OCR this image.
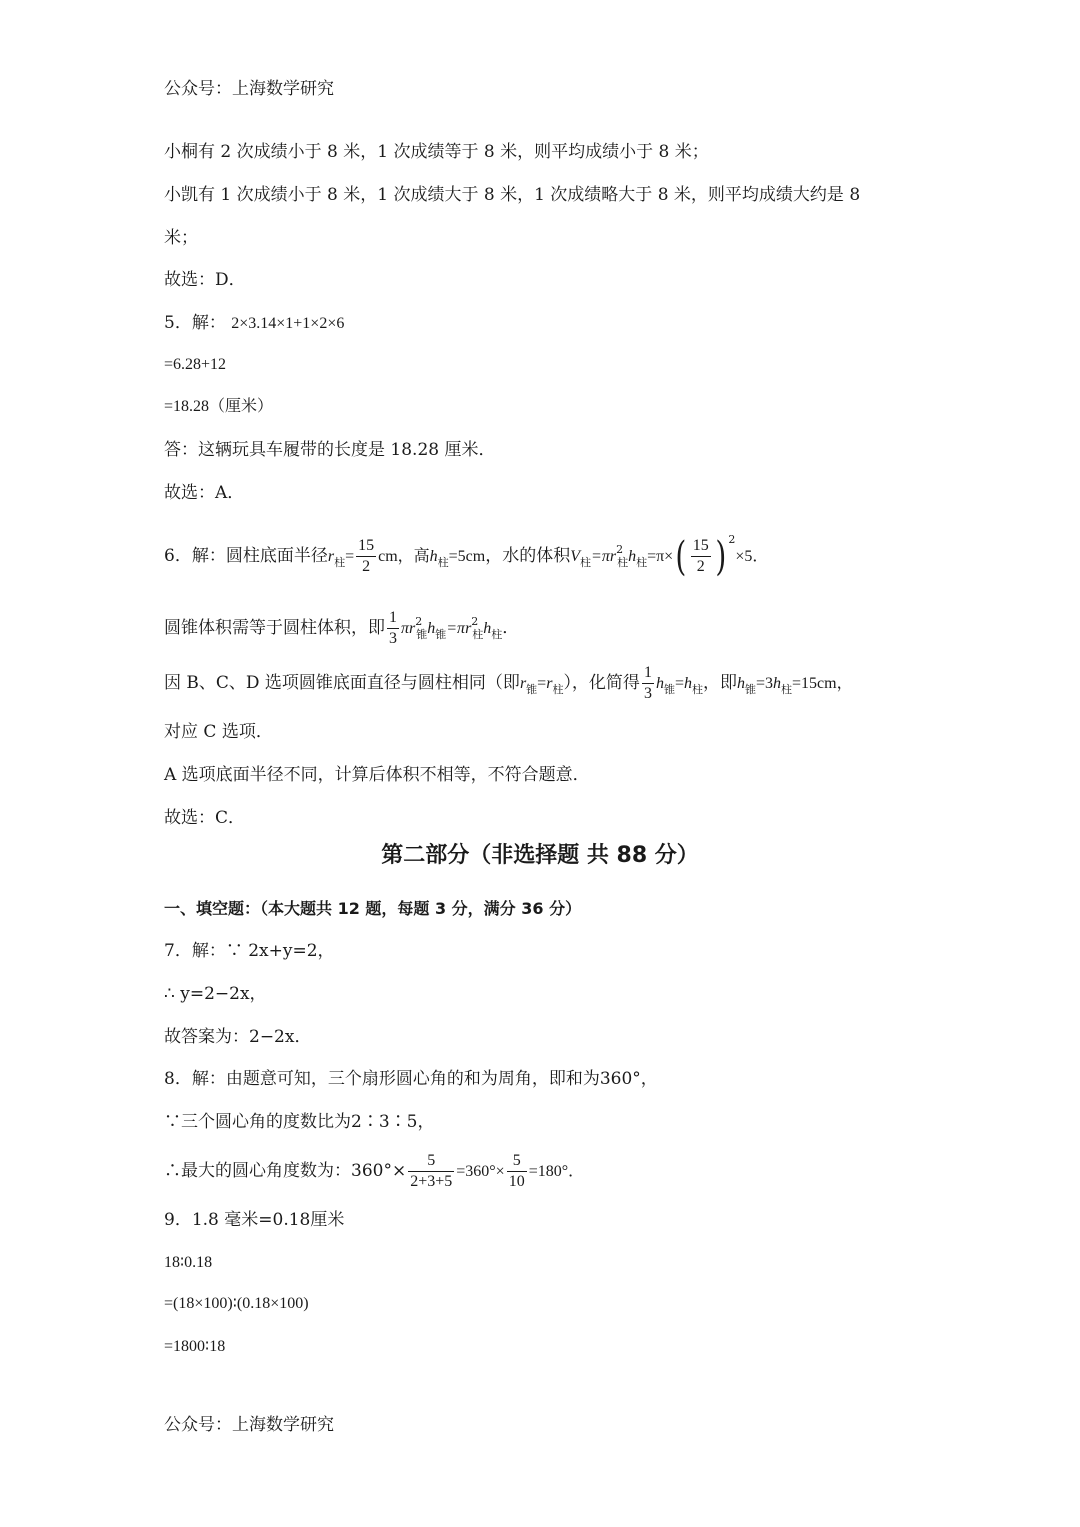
公众号：上海数学研究
小桐有 2 次成绩小于 8 米，1 次成绩等于 8 米，则平均成绩小于 8 米；
小凯有 1 次成绩小于 8 米，1 次成绩大于 8 米，1 次成绩略大于 8 米，则平均成绩大约是 8
米；
故选：D．
5．解： 2×3.14×1+1×2×6
=6.28+12
=18.28（厘米）
答：这辆玩具车履带的长度是 18.28 厘米．
故选：A．
6．解：圆柱底面半径$r_柱= \frac{15}{2}$ cm，高$h_柱=5cm$，水的体积$V_柱=\pi r^2_柱h_柱=\pi\times( \frac{15}{2}$ ) $^2$×5．
圆锥体积需等于圆柱体积，即 $\frac{1}{3} \pi r^2_锥h_锥=\pi r^2_柱h_柱$．
因 B、C、D 选项圆锥底面直径与圆柱相同（即$r_锥=r_柱$），化简得 $\frac{1}{3} h_锥=h_柱$，即$h_锥=3h_柱=15cm$，
对应 C 选项．
A 选项底面半径不同，计算后体积不相等，不符合题意．
故选：C．
第二部分（非选择题 共 88 分）
一、填空题：（本大题共 12 题，每题 3 分，满分 36 分）
7．解：∵ 2x+y=2，
∴ y=2−2x，
故答案为：2−2x．
8．解：由题意可知，三个扇形圆心角的和为周角，即和为360°，
∵三个圆心角的度数比为2∶3∶5，
∴最大的圆心角度数为：$360^\circ\times \frac{5}{2+3+5} =360^\circ\times \frac{5}{10} =180^\circ$．
9．1.8 毫米=0.18厘米
18∶0.18
=(18×100)∶(0.18×100)
=1800∶18
公众号：上海数学研究
